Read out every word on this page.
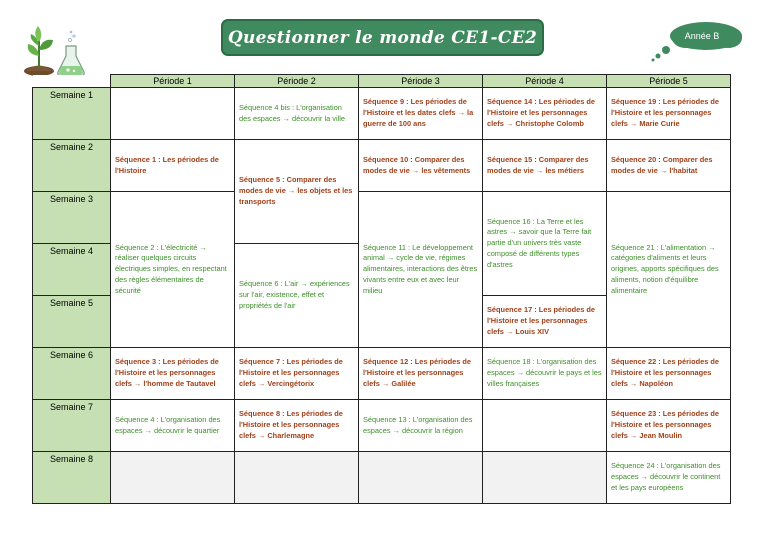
Questionner le monde CE1-CE2	Année B
	Période 1	Période 2	Période 3	Période 4	Période 5
Semaine 1		Séquence 4 bis : L'organisation des espaces → découvrir la ville	Séquence 9 : Les périodes de l'Histoire et les dates clefs → la guerre de 100 ans	Séquence 14 : Les périodes de l'Histoire et les personnages clefs → Christophe Colomb	Séquence 19 : Les périodes de l'Histoire et les personnages clefs → Marie Curie
Semaine 2	Séquence 1 : Les périodes de l'Histoire	Séquence 5 : Comparer des modes de vie → les objets et les transports	Séquence 10 : Comparer des modes de vie → les vêtements	Séquence 15 : Comparer des modes de vie → les métiers	Séquence 20 : Comparer des modes de vie → l'habitat
Semaine 3	Séquence 2 : L'électricité → réaliser quelques circuits électriques simples, en respectant des règles élémentaires de sécurité		Séquence 11 : Le développement animal → cycle de vie, régimes alimentaires, interactions des êtres vivants entre eux et avec leur milieu	Séquence 16 : La Terre et les astres → savoir que la Terre fait partie d'un univers très vaste composé de différents types d'astres	Séquence 21 : L'alimentation → catégories d'aliments et leurs origines, apports spécifiques des aliments, notion d'équilibre alimentaire
Semaine 4		Séquence 6 : L'air → expériences sur l'air, existence, effet et propriétés de l'air			
Semaine 5				Séquence 17 : Les périodes de l'Histoire et les personnages clefs → Louis XIV	
Semaine 6	Séquence 3 : Les périodes de l'Histoire et les personnages clefs → l'homme de Tautavel	Séquence 7 : Les périodes de l'Histoire et les personnages clefs → Vercingétorix	Séquence 12 : Les périodes de l'Histoire et les personnages clefs → Galilée	Séquence 18 : L'organisation des espaces → découvrir le pays et les villes françaises	Séquence 22 : Les périodes de l'Histoire et les personnages clefs → Napoléon
Semaine 7	Séquence 4 : L'organisation des espaces → découvrir le quartier	Séquence 8 : Les périodes de l'Histoire et les personnages clefs → Charlemagne	Séquence 13 : L'organisation des espaces → découvrir la région		Séquence 23 : Les périodes de l'Histoire et les personnages clefs → Jean Moulin
Semaine 8					Séquence 24 : L'organisation des espaces → découvrir le continent et les pays européens
